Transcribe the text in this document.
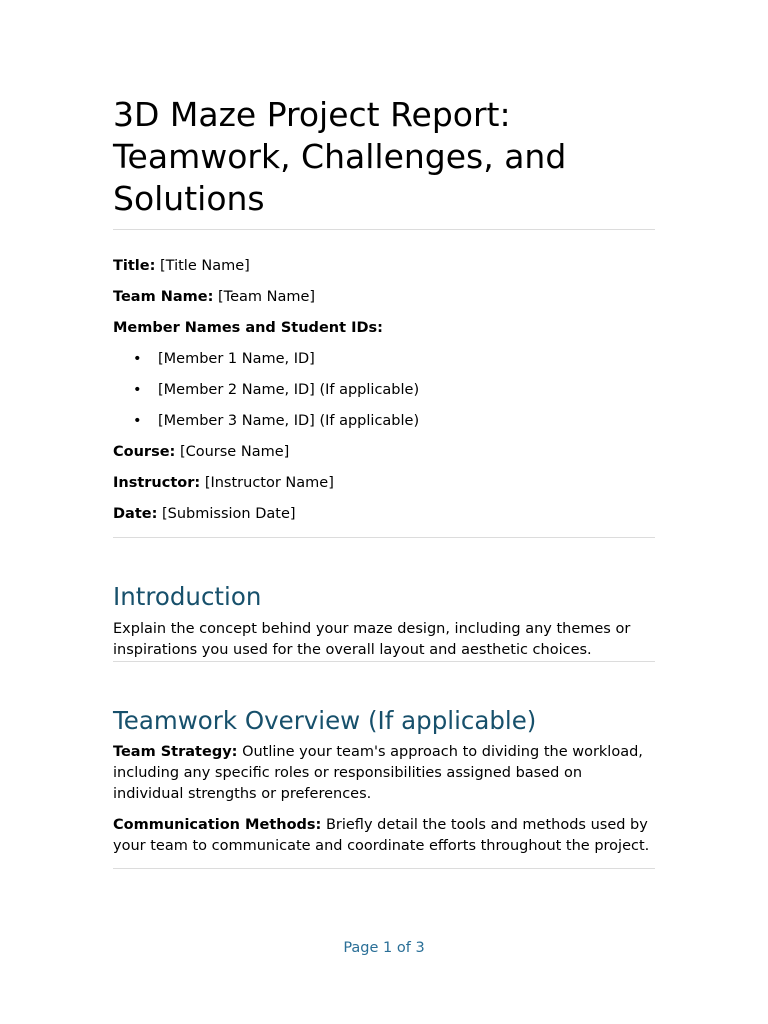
3D Maze Project Report: Teamwork, Challenges, and Solutions
Title: [Title Name]
Team Name: [Team Name]
Member Names and Student IDs:
• [Member 1 Name, ID]
• [Member 2 Name, ID] (If applicable)
• [Member 3 Name, ID] (If applicable)
Course: [Course Name]
Instructor: [Instructor Name]
Date: [Submission Date]
Introduction

Explain the concept behind your maze design, including any themes or inspirations you used for the overall layout and aesthetic choices.

Teamwork Overview (If applicable)

Team Strategy: Outline your team's approach to dividing the workload, including any specific roles or responsibilities assigned based on individual strengths or preferences.

Communication Methods: Briefly detail the tools and methods used by your team to communicate and coordinate efforts throughout the project.

Page 1 of 3
